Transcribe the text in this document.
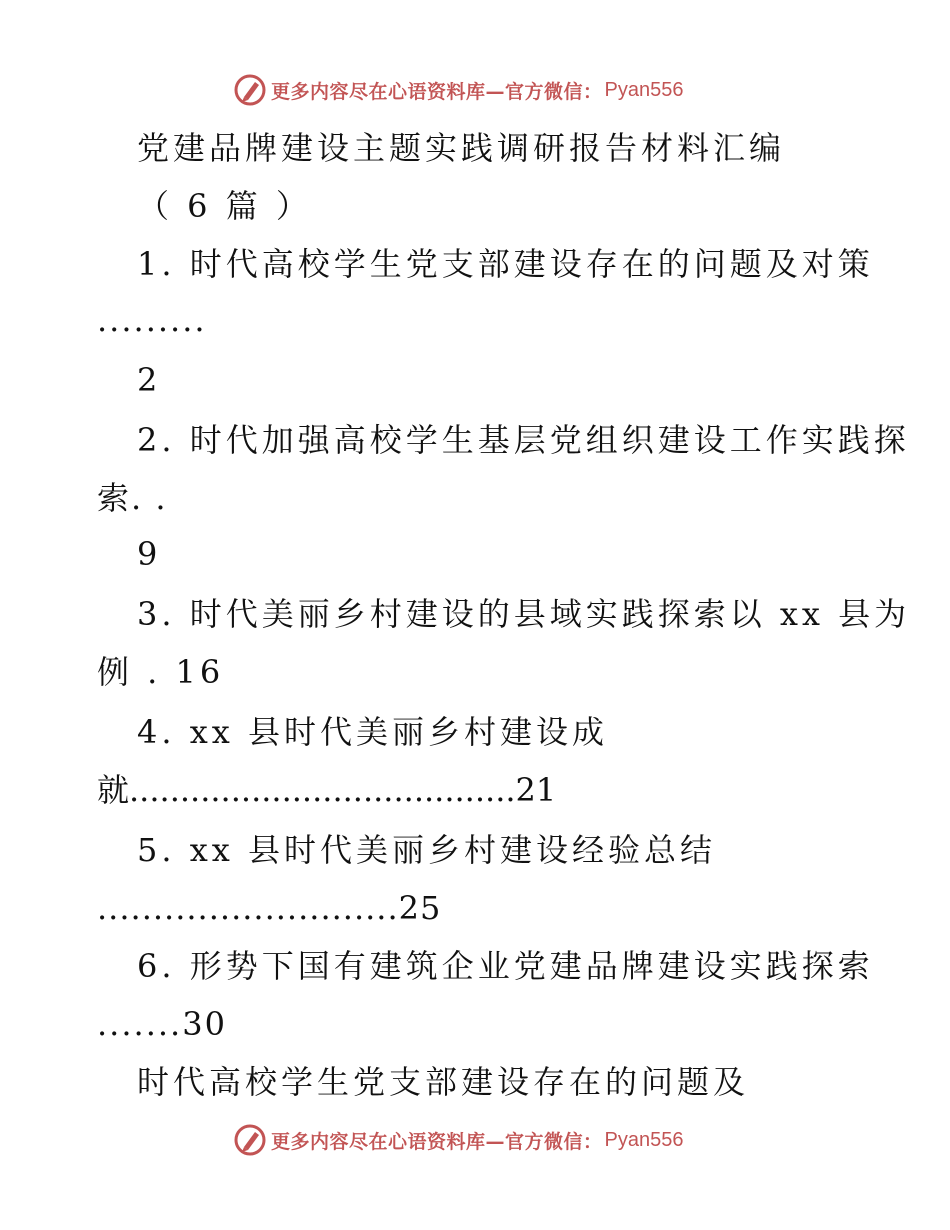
更多内容尽在心语资料库—官方微信： Pyan556
党建品牌建设主题实践调研报告材料汇编
（ 6 篇 ）
1. 时代高校学生党支部建设存在的问题及对策
.........
2
2. 时代加强高校学生基层党组织建设工作实践探
索. .
9
3. 时代美丽乡村建设的县域实践探索以 xx 县为
例 . 16
4. xx 县时代美丽乡村建设成
就......................................21
5. xx 县时代美丽乡村建设经验总结
...........................25
6. 形势下国有建筑企业党建品牌建设实践探索
.......30
时代高校学生党支部建设存在的问题及
更多内容尽在心语资料库—官方微信： Pyan556
